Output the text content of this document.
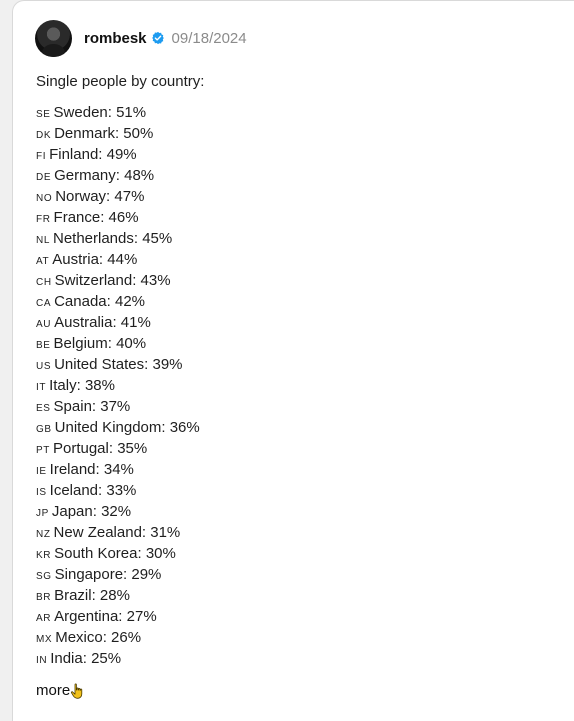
rombesk 09/18/2024
Single people by country:
SE Sweden: 51%
DK Denmark: 50%
FI Finland: 49%
DE Germany: 48%
NO Norway: 47%
FR France: 46%
NL Netherlands: 45%
AT Austria: 44%
CH Switzerland: 43%
CA Canada: 42%
AU Australia: 41%
BE Belgium: 40%
US United States: 39%
IT Italy: 38%
ES Spain: 37%
GB United Kingdom: 36%
PT Portugal: 35%
IE Ireland: 34%
IS Iceland: 33%
JP Japan: 32%
NZ New Zealand: 31%
KR South Korea: 30%
SG Singapore: 29%
BR Brazil: 28%
AR Argentina: 27%
MX Mexico: 26%
IN India: 25%
more
